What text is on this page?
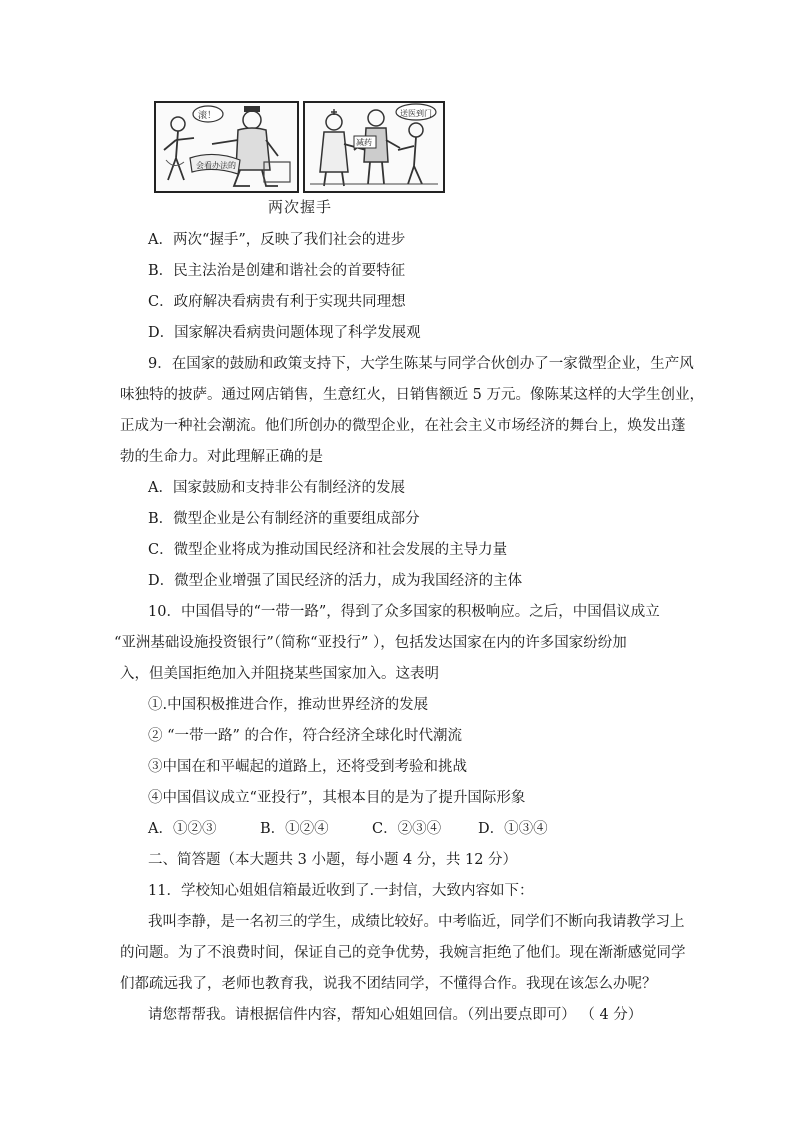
滚！
会看办法的
送医到门
减药
两次握手
A．两次“握手”，反映了我们社会的进步
B．民主法治是创建和谐社会的首要特征
C．政府解决看病贵有利于实现共同理想
D．国家解决看病贵问题体现了科学发展观
9．在国家的鼓励和政策支持下，大学生陈某与同学合伙创办了一家微型企业，生产风
味独特的披萨。通过网店销售，生意红火，日销售额近 5 万元。像陈某这样的大学生创业，
正成为一种社会潮流。他们所创办的微型企业，在社会主义市场经济的舞台上，焕发出蓬
勃的生命力。对此理解正确的是
A．国家鼓励和支持非公有制经济的发展
B．微型企业是公有制经济的重要组成部分
C．微型企业将成为推动国民经济和社会发展的主导力量
D．微型企业增强了国民经济的活力，成为我国经济的主体
10．中国倡导的“一带一路”，得到了众多国家的积极响应。之后，中国倡议成立
“亚洲基础设施投资银行”（简称“亚投行” ），包括发达国家在内的许多国家纷纷加
入，但美国拒绝加入并阻挠某些国家加入。这表明
①.中国积极推进合作，推动世界经济的发展
② “一带一路” 的合作，符合经济全球化时代潮流
③中国在和平崛起的道路上，还将受到考验和挑战
④中国倡议成立“亚投行”，其根本目的是为了提升国际形象
A．①②③	B．①②④	C．②③④	D．①③④
二、简答题（本大题共 3 小题，每小题 4 分，共 12 分）
11．学校知心姐姐信箱最近收到了.一封信，大致内容如下：
我叫李静，是一名初三的学生，成绩比较好。中考临近，同学们不断向我请教学习上
的问题。为了不浪费时间，保证自己的竞争优势，我婉言拒绝了他们。现在渐渐感觉同学
们都疏远我了，老师也教育我，说我不团结同学，不懂得合作。我现在该怎么办呢？
请您帮帮我。请根据信件内容，帮知心姐姐回信。（列出要点即可） （ 4 分）
